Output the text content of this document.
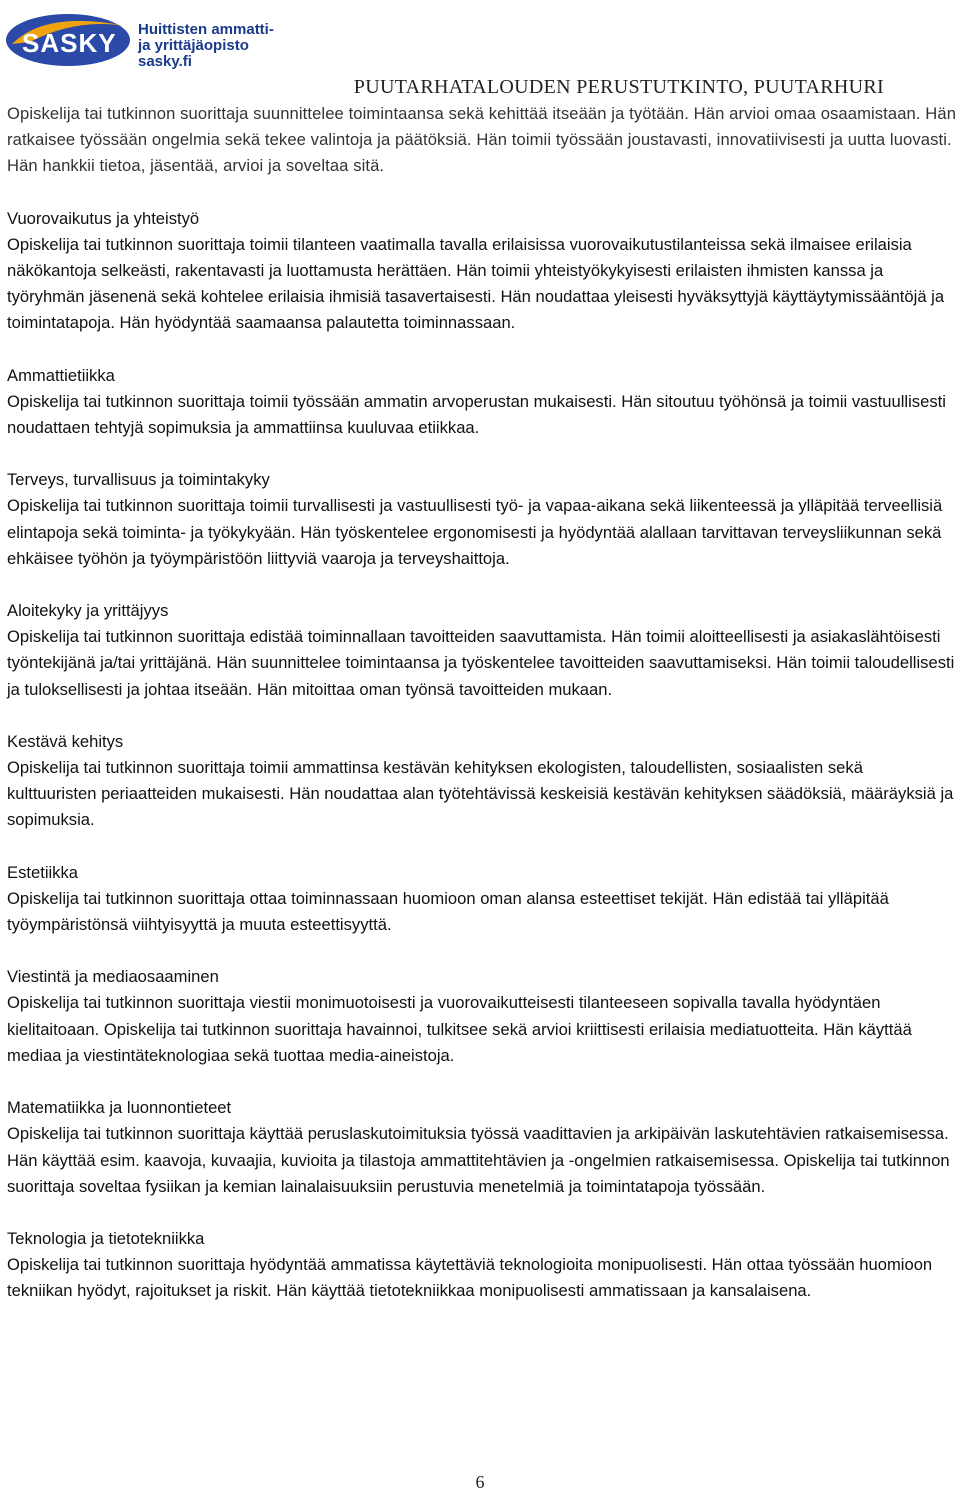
SASKY Huittisten ammatti-
ja yrittäjäopisto
sasky.fi
PUUTARHATALOUDEN PERUSTUTKINTO, PUUTARHURI

Opiskelija tai tutkinnon suorittaja suunnittelee toimintaansa sekä kehittää itseään ja työtään. Hän arvioi omaa osaamistaan. Hän ratkaisee työssään ongelmia sekä tekee valintoja ja päätöksiä. Hän toimii työssään joustavasti, innovatiivisesti ja uutta luovasti. Hän hankkii tietoa, jäsentää, arvioi ja soveltaa sitä.

Vuorovaikutus ja yhteistyö

Opiskelija tai tutkinnon suorittaja toimii tilanteen vaatimalla tavalla erilaisissa vuorovaikutustilanteissa sekä ilmaisee erilaisia näkökantoja selkeästi, rakentavasti ja luottamusta herättäen. Hän toimii yhteistyökykyisesti erilaisten ihmisten kanssa ja työryhmän jäsenenä sekä kohtelee erilaisia ihmisiä tasavertaisesti. Hän noudattaa yleisesti hyväksyttyjä käyttäytymissääntöjä ja toimintatapoja. Hän hyödyntää saamaansa palautetta toiminnassaan.

Ammattietiikka

Opiskelija tai tutkinnon suorittaja toimii työssään ammatin arvoperustan mukaisesti. Hän sitoutuu työhönsä ja toimii vastuullisesti noudattaen tehtyjä sopimuksia ja ammattiinsa kuuluvaa etiikkaa.

Terveys, turvallisuus ja toimintakyky

Opiskelija tai tutkinnon suorittaja toimii turvallisesti ja vastuullisesti työ- ja vapaa-aikana sekä liikenteessä ja ylläpitää terveellisiä elintapoja sekä toiminta- ja työkykyään. Hän työskentelee ergonomisesti ja hyödyntää alallaan tarvittavan terveysliikunnan sekä ehkäisee työhön ja työympäristöön liittyviä vaaroja ja terveyshaittoja.

Aloitekyky ja yrittäjyys

Opiskelija tai tutkinnon suorittaja edistää toiminnallaan tavoitteiden saavuttamista. Hän toimii aloitteellisesti ja asiakaslähtöisesti työntekijänä ja/tai yrittäjänä. Hän suunnittelee toimintaansa ja työskentelee tavoitteiden saavuttamiseksi. Hän toimii taloudellisesti ja tuloksellisesti ja johtaa itseään. Hän mitoittaa oman työnsä tavoitteiden mukaan.

Kestävä kehitys

Opiskelija tai tutkinnon suorittaja toimii ammattinsa kestävän kehityksen ekologisten, taloudellisten, sosiaalisten sekä kulttuuristen periaatteiden mukaisesti. Hän noudattaa alan työtehtävissä keskeisiä kestävän kehityksen säädöksiä, määräyksiä ja sopimuksia.

Estetiikka

Opiskelija tai tutkinnon suorittaja ottaa toiminnassaan huomioon oman alansa esteettiset tekijät. Hän edistää tai ylläpitää työympäristönsä viihtyisyyttä ja muuta esteettisyyttä.

Viestintä ja mediaosaaminen

Opiskelija tai tutkinnon suorittaja viestii monimuotoisesti ja vuorovaikutteisesti tilanteeseen sopivalla tavalla hyödyntäen kielitaitoaan. Opiskelija tai tutkinnon suorittaja havainnoi, tulkitsee sekä arvioi kriittisesti erilaisia mediatuotteita. Hän käyttää mediaa ja viestintäteknologiaa sekä tuottaa media-aineistoja.

Matematiikka ja luonnontieteet

Opiskelija tai tutkinnon suorittaja käyttää peruslaskutoimituksia työssä vaadittavien ja arkipäivän laskutehtävien ratkaisemisessa. Hän käyttää esim. kaavoja, kuvaajia, kuvioita ja tilastoja ammattitehtävien ja -ongelmien ratkaisemisessa. Opiskelija tai tutkinnon suorittaja soveltaa fysiikan ja kemian lainalaisuuksiin perustuvia menetelmiä ja toimintatapoja työssään.

Teknologia ja tietotekniikka

Opiskelija tai tutkinnon suorittaja hyödyntää ammatissa käytettäviä teknologioita monipuolisesti. Hän ottaa työssään huomioon tekniikan hyödyt, rajoitukset ja riskit. Hän käyttää tietotekniikkaa monipuolisesti ammatissaan ja kansalaisena.

6
